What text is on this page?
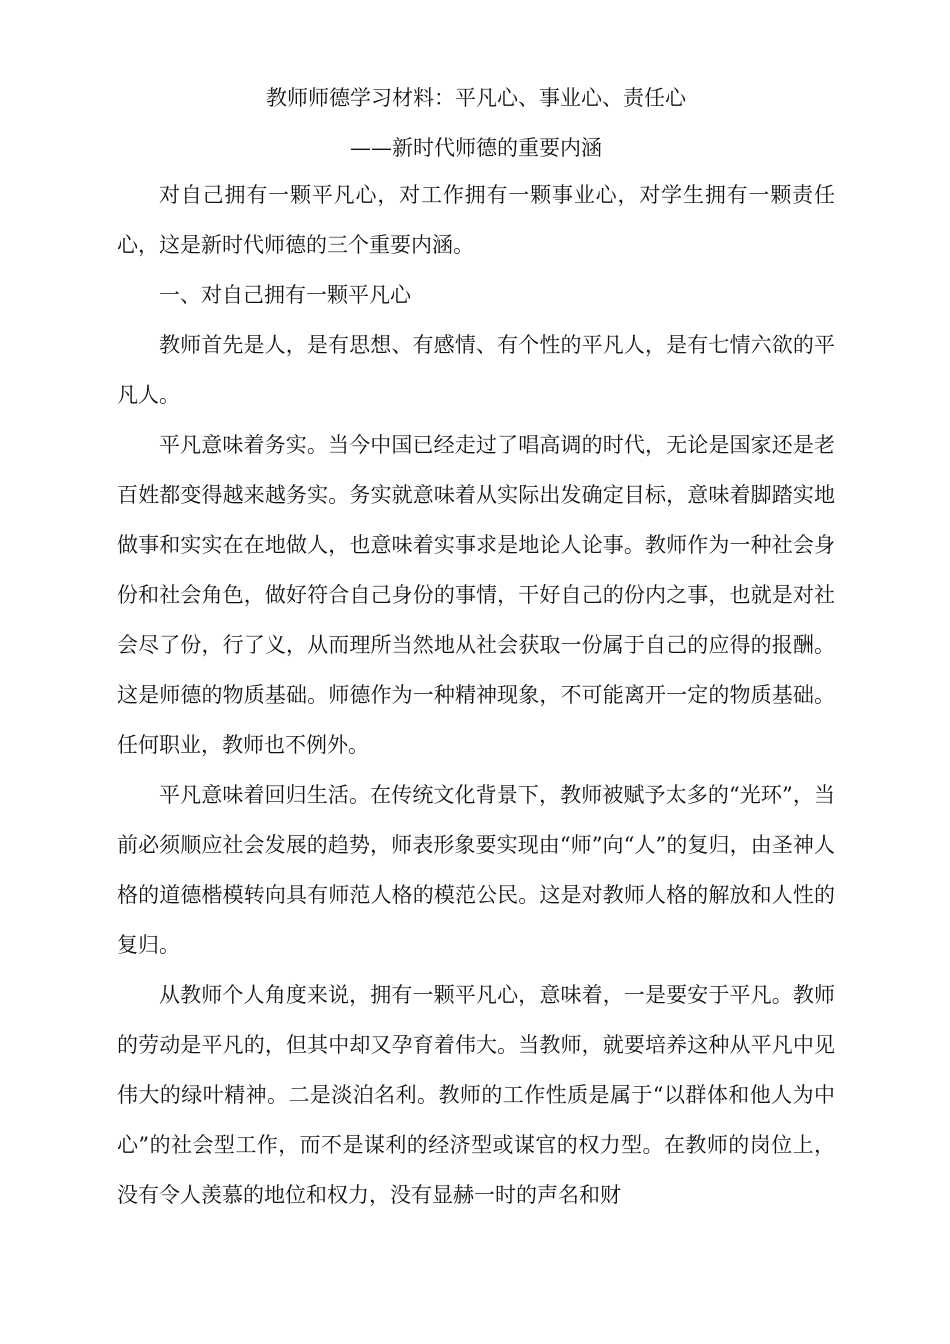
教师师德学习材料：平凡心、事业心、责任心
——新时代师德的重要内涵

对自己拥有一颗平凡心，对工作拥有一颗事业心，对学生拥有一颗责任心，这是新时代师德的三个重要内涵。

一、对自己拥有一颗平凡心

教师首先是人，是有思想、有感情、有个性的平凡人，是有七情六欲的平凡人。

平凡意味着务实。当今中国已经走过了唱高调的时代，无论是国家还是老百姓都变得越来越务实。务实就意味着从实际出发确定目标，意味着脚踏实地做事和实实在在地做人，也意味着实事求是地论人论事。教师作为一种社会身份和社会角色，做好符合自己身份的事情，干好自己的份内之事，也就是对社会尽了份，行了义，从而理所当然地从社会获取一份属于自己的应得的报酬。这是师德的物质基础。师德作为一种精神现象，不可能离开一定的物质基础。任何职业，教师也不例外。

平凡意味着回归生活。在传统文化背景下，教师被赋予太多的“光环”，当前必须顺应社会发展的趋势，师表形象要实现由“师”向“人”的复归，由圣神人格的道德楷模转向具有师范人格的模范公民。这是对教师人格的解放和人性的复归。

从教师个人角度来说，拥有一颗平凡心，意味着，一是要安于平凡。教师的劳动是平凡的，但其中却又孕育着伟大。当教师，就要培养这种从平凡中见伟大的绿叶精神。二是淡泊名利。教师的工作性质是属于“以群体和他人为中心”的社会型工作，而不是谋利的经济型或谋官的权力型。在教师的岗位上，没有令人羡慕的地位和权力，没有显赫一时的声名和财
